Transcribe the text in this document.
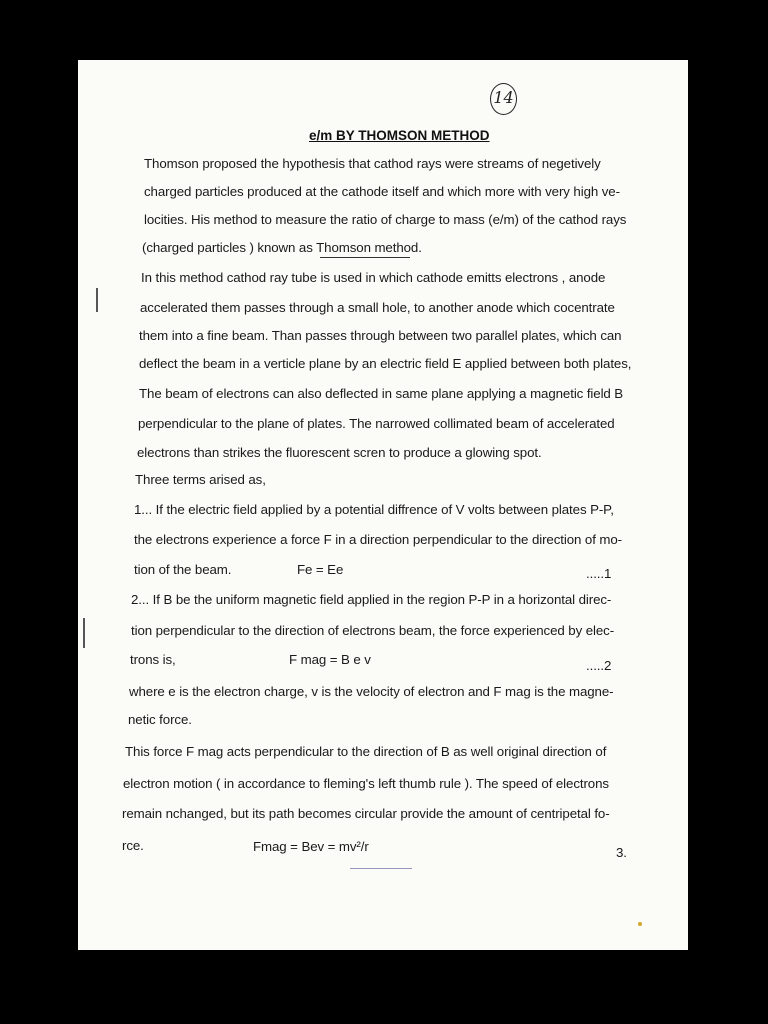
14
e/m BY THOMSON METHOD
Thomson proposed the hypothesis that cathod rays were streams of negetively
charged particles produced at the cathode itself and which more with very high ve-
locities. His method to measure the ratio of charge to mass (e/m) of the cathod rays
(charged particles ) known as Thomson method.
In this method cathod ray tube is used in which cathode emitts electrons , anode
accelerated them passes through a small hole, to another anode which cocentrate
them into a fine beam. Than passes through between two parallel plates, which can
deflect the beam in a verticle plane by an electric field E applied between both plates,
The beam of electrons can also deflected in same plane applying a magnetic field B
perpendicular to the plane of plates. The narrowed collimated beam of accelerated
electrons than strikes the fluorescent scren to produce a glowing spot.
Three terms arised as,
1... If the electric field applied by a potential diffrence of V volts between plates P-P,
the electrons experience a force F in a direction perpendicular to the direction of mo-
tion of the beam.	Fe = Ee	.....1
2... If B be the uniform magnetic field applied in the region P-P in a horizontal direc-
tion perpendicular to the direction of electrons beam, the force experienced by elec-
trons is,	F mag = B e v	.....2
where e is the electron charge, v is the velocity of electron and F mag is the magne-
netic force.
This force F mag acts perpendicular to the direction of B as well original direction of
electron motion ( in accordance to fleming's left thumb rule ). The speed of electrons
remain nchanged, but its path becomes circular provide the amount of centripetal fo-
rce.	Fmag = Bev = mv²/r	3.
